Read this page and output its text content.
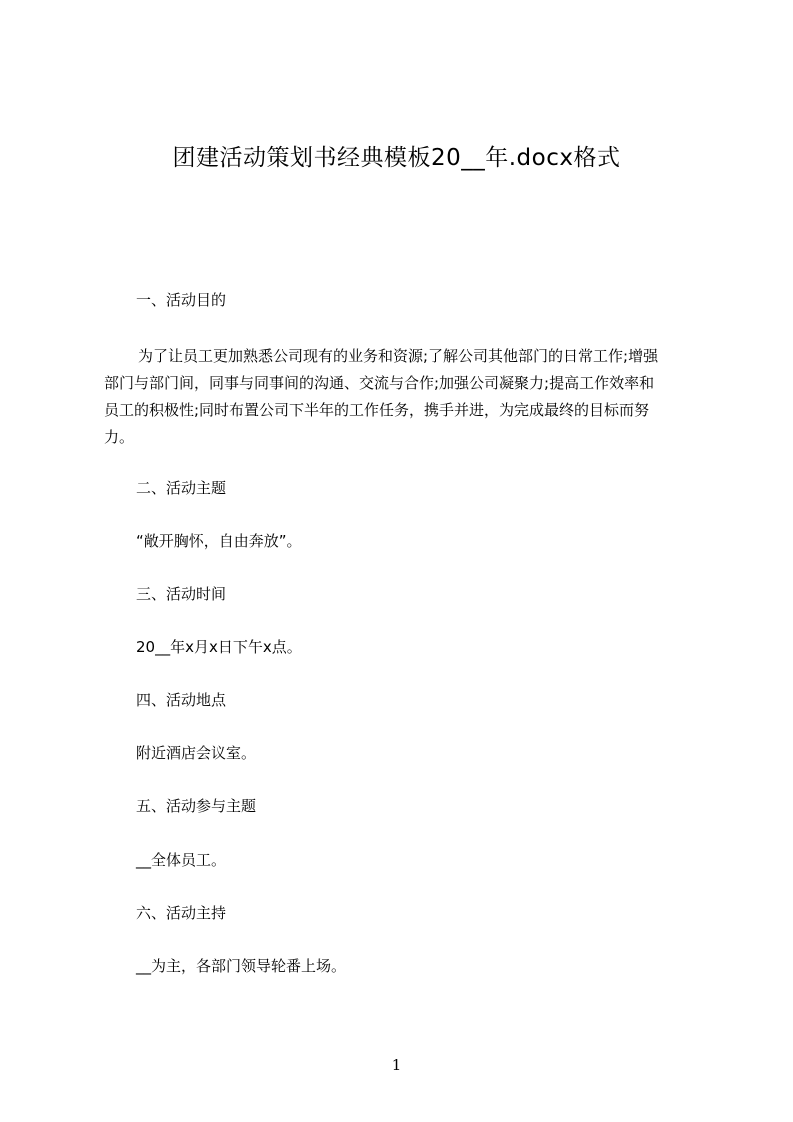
团建活动策划书经典模板20__年.docx格式
一、活动目的
为了让员工更加熟悉公司现有的业务和资源;了解公司其他部门的日常工作;增强
部门与部门间，同事与同事间的沟通、交流与合作;加强公司凝聚力;提高工作效率和
员工的积极性;同时布置公司下半年的工作任务，携手并进，为完成最终的目标而努
力。
二、活动主题
“敞开胸怀，自由奔放”。
三、活动时间
20__年x月x日下午x点。
四、活动地点
附近酒店会议室。
五、活动参与主题
__全体员工。
六、活动主持
__为主，各部门领导轮番上场。
1
